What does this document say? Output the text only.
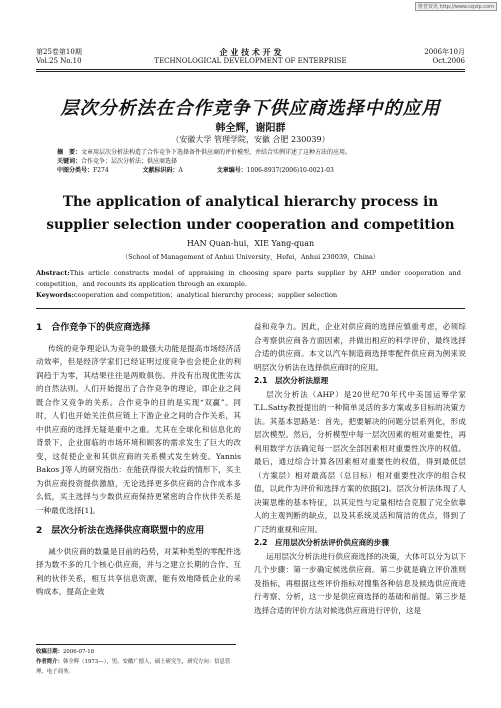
维普资讯 http://www.cqvip.com
第25卷第10期
Vol.25 No.10
企 业 技 术 开 发
TECHNOLOGICAL DEVELOPMENT OF ENTERPRISE
2006年10月
Oct.2006
层次分析法在合作竞争下供应商选择中的应用
韩全辉，谢阳群
（安徽大学 管理学院，安徽 合肥 230039）
摘　要：文章用层次分析法构造了合作竞争下选择备件供应商的评价模型，并结合实例详述了这种方法的应用。
关键词：合作竞争；层次分析法；供应商选择
中图分类号：F274	文献标识码：A	文章编号：1006-8937(2006)10-0021-03
The application of analytical hierarchy process in supplier selection under cooperation and competition
HAN Quan-hui，XIE Yang-quan
（School of Management of Anhui University，Hefei，Anhui 230039，China）
Abstract:This article constructs model of appraising in choosing spare parts supplier by AHP under cooperation and competition，and recounts its application through an example.
Keywords:cooperation and competition；analytical hierarchy process；supplier selection
1　合作竞争下的供应商选择

传统的竞争理论认为竞争的最强大功能是提高市场经济活动效率，但是经济学家们已经证明过度竞争也会使企业的利润趋于为零，其结果往往是两败俱伤。并没有出现优胜劣汰的自然法则。人们开始提出了合作竞争的理论，即企业之间既合作又竞争的关系。合作竞争的目的是实现“双赢”。同时，人们也开始关注供应链上下游企业之间的合作关系，其中供应商的选择无疑是重中之重。尤其在全球化和信息化的背景下，企业面临的市场环境和顾客的需求发生了巨大的改变，这促使企业和其供应商的关系模式发生转变。Yannis Bakos J等人的研究指出：在能获得很大收益的情形下，买主为供应商投资提供激励，无论选择更多供应商的合作成本多么低，买主选择与少数供应商保持更紧密的合作伙伴关系是一种最优选择[1]。

2　层次分析法在选择供应商联盟中的应用

减少供应商的数量是目前的趋势，对某种类型的零配件选择为数不多的几个核心供应商，并与之建立长期的合作、互利的伙伴关系，相互共享信息资源，能有效地降低企业的采购成本，提高企业效

益和竞争力。因此，企业对供应商的选择应慎重考虑，必须综合考察供应商各方面因素，并做出相应的科学评价，最终选择合适的供应商。本文以汽车制造商选择零配件供应商为例来说明层次分析法在选择供应商时的应用。

2.1　层次分析法原理

层次分析法（AHP）是20世纪70年代中美国运筹学家T.L.Satty教授提出的一种简单灵活的多方案或多目标的决策方法。其基本思路是：首先，把要解决的问题分层系列化，形成层次模型。然后，分析模型中每一层次因素的相对重要性，再利用数学方法确定每一层次全部因素相对重要性次序的权值。最后，通过综合计算各因素相对重要性的权值，得到最低层（方案层）相对最高层（总目标）相对重要性次序的组合权值，以此作为评价和选择方案的依据[2]。层次分析法体现了人决策思维的基本特征，以其定性与定量相结合克服了完全依靠人的主观判断的缺点，以及其系统灵活和简洁的优点，得到了广泛的重视和应用。

2.2　应用层次分析法评价供应商的步骤

运用层次分析法进行供应商选择的决策，大体可以分为以下几个步骤：第一步确定候选供应商。第二步就是确立评价准则及指标，再根据这些评价指标对搜集各种信息及候选供应商进行考察、分析，这一步是供应商选择的基础和前提。第三步是选择合适的评价方法对候选供应商进行评价，这是

收稿日期：2006-07-18
作者简介：韩全辉（1973—），男，安徽广德人，硕士研究生，研究方向：信息管理、电子商务。
